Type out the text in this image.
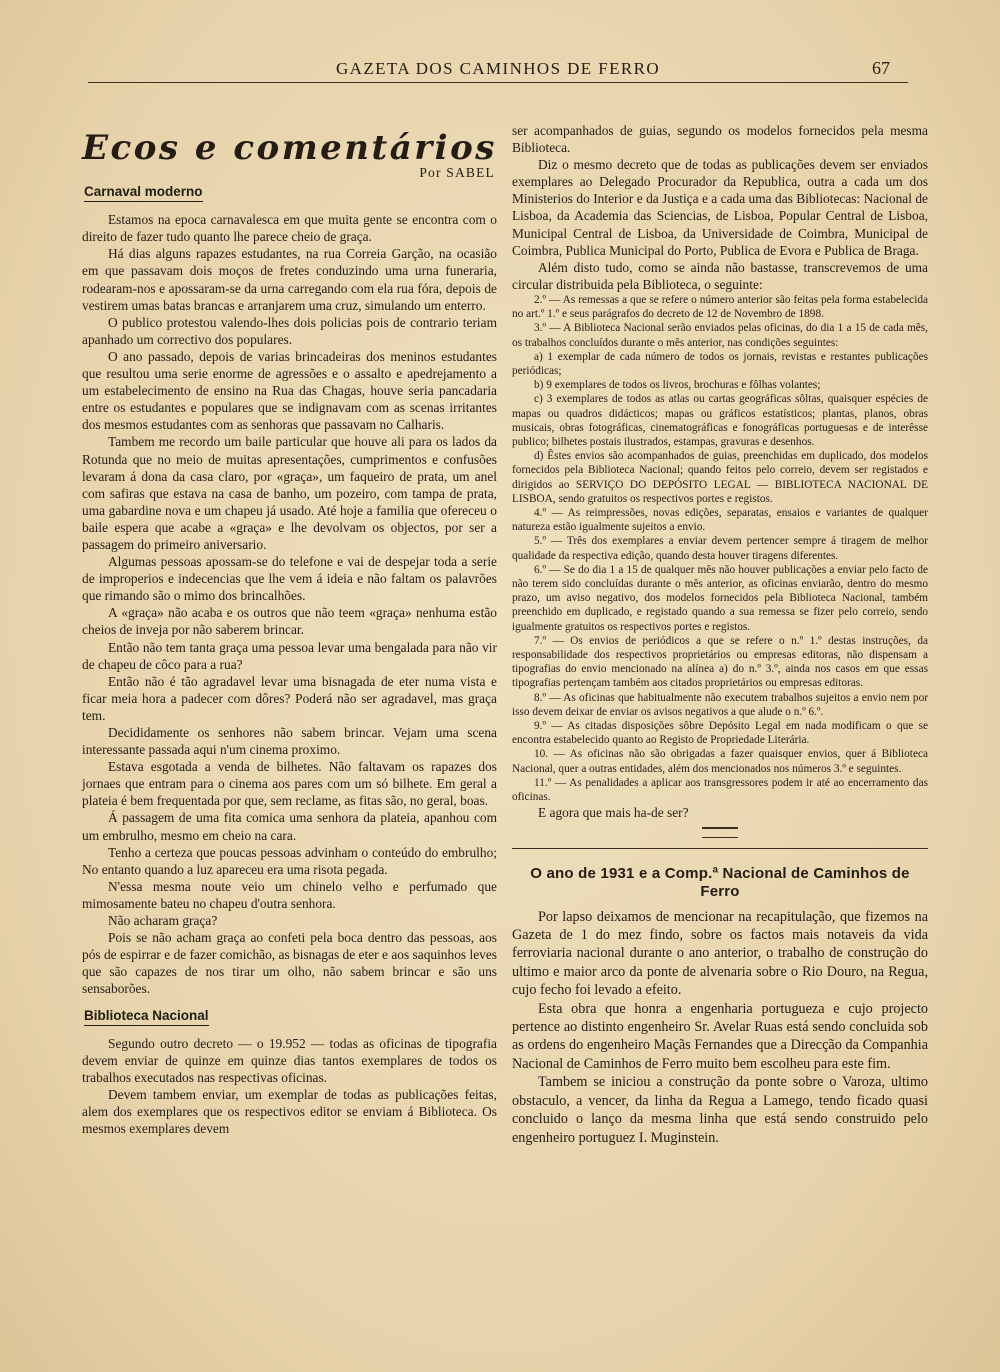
GAZETA DOS CAMINHOS DE FERRO	67
Ecos e comentários
Por SABEL
Carnaval moderno

Estamos na epoca carnavalesca em que muita gente se encontra com o direito de fazer tudo quanto lhe parece cheio de graça.

Há dias alguns rapazes estudantes, na rua Correia Garção, na ocasião em que passavam dois moços de fretes conduzindo uma urna funeraria, rodearam-nos e apossaram-se da urna carregando com ela rua fóra, depois de vestirem umas batas brancas e arranjarem uma cruz, simulando um enterro.

O publico protestou valendo-lhes dois policias pois de contrario teriam apanhado um correctivo dos populares.

O ano passado, depois de varias brincadeiras dos meninos estudantes que resultou uma serie enorme de agressões e o assalto e apedrejamento a um estabelecimento de ensino na Rua das Chagas, houve seria pancadaria entre os estudantes e populares que se indignavam com as scenas irritantes dos mesmos estudantes com as senhoras que passavam no Calharis.

Tambem me recordo um baile particular que houve ali para os lados da Rotunda que no meio de muitas apresentações, cumprimentos e confusões levaram á dona da casa claro, por «graça», um faqueiro de prata, um anel com safiras que estava na casa de banho, um pozeiro, com tampa de prata, uma gabardine nova e um chapeu já usado. Até hoje a familia que ofereceu o baile espera que acabe a «graça» e lhe devolvam os objectos, por ser a passagem do primeiro aniversario.

Algumas pessoas apossam-se do telefone e vai de despejar toda a serie de improperios e indecencias que lhe vem á ideia e não faltam os palavrões que rimando são o mimo dos brincalhões.

A «graça» não acaba e os outros que não teem «graça» nenhuma estão cheios de inveja por não saberem brincar.

Então não tem tanta graça uma pessoa levar uma bengalada para não vir de chapeu de côco para a rua?

Então não é tão agradavel levar uma bisnagada de eter numa vista e ficar meia hora a padecer com dôres? Poderá não ser agradavel, mas graça tem.

Decididamente os senhores não sabem brincar. Vejam uma scena interessante passada aqui n'um cinema proximo.

Estava esgotada a venda de bilhetes. Não faltavam os rapazes dos jornaes que entram para o cinema aos pares com um só bilhete. Em geral a plateia é bem frequentada por que, sem reclame, as fitas são, no geral, boas.

Á passagem de uma fita comica uma senhora da plateia, apanhou com um embrulho, mesmo em cheio na cara.

Tenho a certeza que poucas pessoas advinham o conteúdo do embrulho; No entanto quando a luz apareceu era uma risota pegada.

N'essa mesma noute veio um chinelo velho e perfumado que mimosamente bateu no chapeu d'outra senhora.

Não acharam graça?

Pois se não acham graça ao confeti pela boca dentro das pessoas, aos pós de espirrar e de fazer comichão, as bisnagas de eter e aos saquinhos leves que são capazes de nos tirar um olho, não sabem brincar e são uns sensaborões.

Biblioteca Nacional

Segundo outro decreto — o 19.952 — todas as oficinas de tipografia devem enviar de quinze em quinze dias tantos exemplares de todos os trabalhos executados nas respectivas oficinas.

Devem tambem enviar, um exemplar de todas as publicações feitas, alem dos exemplares que os respectivos editor se enviam á Biblioteca. Os mesmos exemplares devem

ser acompanhados de guias, segundo os modelos fornecidos pela mesma Biblioteca.

Diz o mesmo decreto que de todas as publicações devem ser enviados exemplares ao Delegado Procurador da Republica, outra a cada um dos Ministerios do Interior e da Justiça e a cada uma das Bibliotecas: Nacional de Lisboa, da Academia das Sciencias, de Lisboa, Popular Central de Lisboa, Municipal Central de Lisboa, da Universidade de Coimbra, Municipal de Coimbra, Publica Municipal do Porto, Publica de Evora e Publica de Braga.

Além disto tudo, como se ainda não bastasse, transcrevemos de uma circular distribuida pela Biblioteca, o seguinte:

2.º — As remessas a que se refere o número anterior são feitas pela forma estabelecida no art.º 1.º e seus parágrafos do decreto de 12 de Novembro de 1898.

3.º — A Biblioteca Nacional serão enviados pelas oficinas, do dia 1 a 15 de cada mês, os trabalhos concluídos durante o mês anterior, nas condições seguintes:

a) 1 exemplar de cada número de todos os jornais, revistas e restantes publicações periódicas;

b) 9 exemplares de todos os livros, brochuras e fôlhas volantes;

c) 3 exemplares de todos as atlas ou cartas geográficas sôltas, quaisquer espécies de mapas ou quadros didácticos; mapas ou gráficos estatísticos; plantas, planos, obras musicais, obras fotográficas, cinematográficas e fonográficas portuguesas e de interêsse publico; bilhetes postais ilustrados, estampas, gravuras e desenhos.

d) Êstes envios são acompanhados de guias, preenchidas em duplicado, dos modelos fornecidos pela Biblioteca Nacional; quando feitos pelo correio, devem ser registados e dirigidos ao SERVIÇO DO DEPÓSITO LEGAL — BIBLIOTECA NACIONAL DE LISBOA, sendo gratuitos os respectivos portes e registos.

4.º — As reimpressões, novas edições, separatas, ensaios e variantes de qualquer natureza estão igualmente sujeitos a envio.

5.º — Três dos exemplares a enviar devem pertencer sempre á tiragem de melhor qualidade da respectiva edição, quando desta houver tiragens diferentes.

6.º — Se do dia 1 a 15 de qualquer mês não houver publicações a enviar pelo facto de não terem sido concluídas durante o mês anterior, as oficinas enviarão, dentro do mesmo prazo, um aviso negativo, dos modelos fornecidos pela Biblioteca Nacional, também preenchido em duplicado, e registado quando a sua remessa se fizer pelo correio, sendo igualmente gratuitos os respectivos portes e registos.

7.º — Os envios de periódicos a que se refere o n.º 1.º destas instruções, da responsabilidade dos respectivos proprietários ou empresas editoras, não dispensam a tipografias do envio mencionado na alínea a) do n.º 3.º, ainda nos casos em que essas tipografias pertençam também aos citados proprietários ou empresas editoras.

8.º — As oficinas que habitualmente não executem trabalhos sujeitos a envio nem por isso devem deixar de enviar os avisos negativos a que alude o n.º 6.º.

9.º — As citadas disposições sôbre Depósito Legal em nada modificam o que se encontra estabelecido quanto ao Registo de Propriedade Literária.

10. — As oficinas não são obrigadas a fazer quaisquer envios, quer á Biblioteca Nacional, quer a outras entidades, além dos mencionados nos números 3.º e seguintes.

11.º — As penalidades a aplicar aos transgressores podem ir até ao encerramento das oficinas.

E agora que mais ha-de ser?

O ano de 1931 e a Comp.ª Nacional de Caminhos de Ferro

Por lapso deixamos de mencionar na recapitulação, que fizemos na Gazeta de 1 do mez findo, sobre os factos mais notaveis da vida ferroviaria nacional durante o ano anterior, o trabalho de construção do ultimo e maior arco da ponte de alvenaria sobre o Rio Douro, na Regua, cujo fecho foi levado a efeito.

Esta obra que honra a engenharia portugueza e cujo projecto pertence ao distinto engenheiro Sr. Avelar Ruas está sendo concluida sob as ordens do engenheiro Maçãs Fernandes que a Direcção da Companhia Nacional de Caminhos de Ferro muito bem escolheu para este fim.

Tambem se iniciou a construção da ponte sobre o Varoza, ultimo obstaculo, a vencer, da linha da Regua a Lamego, tendo ficado quasi concluido o lanço da mesma linha que está sendo construido pelo engenheiro portuguez I. Muginstein.
